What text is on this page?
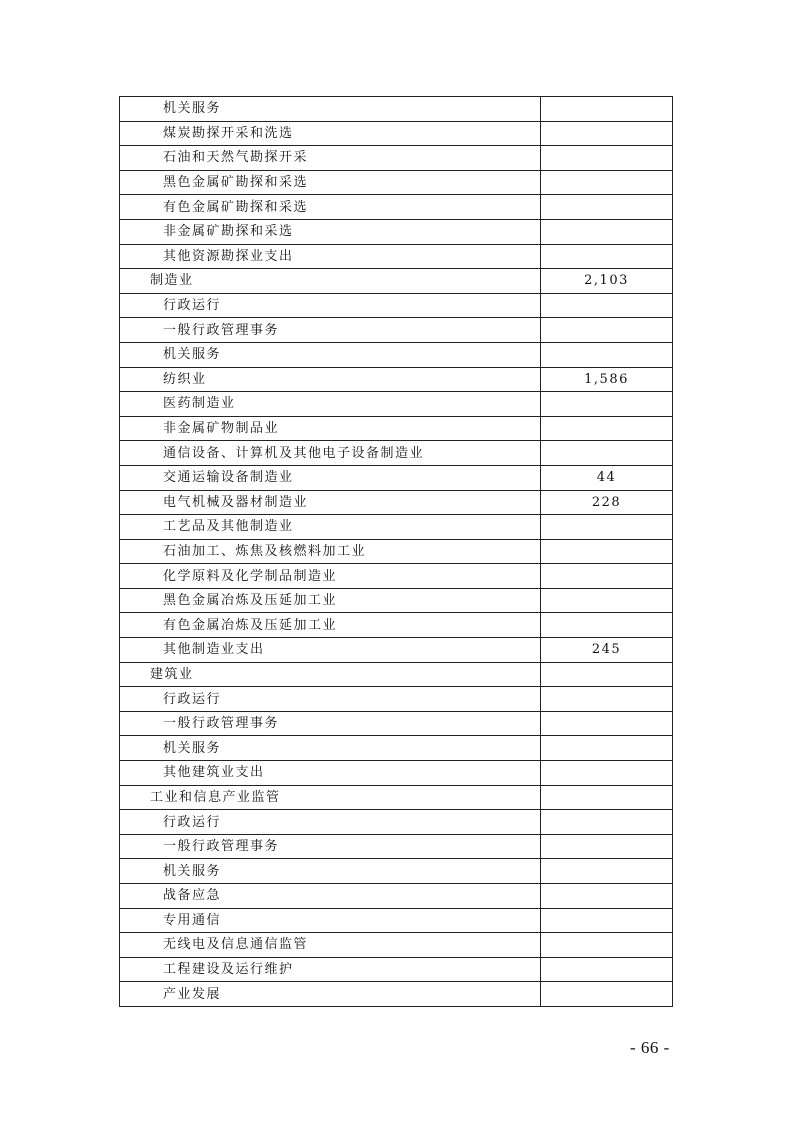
机关服务	
煤炭勘探开采和洗选	
石油和天然气勘探开采	
黑色金属矿勘探和采选	
有色金属矿勘探和采选	
非金属矿勘探和采选	
其他资源勘探业支出	
制造业	2,103
行政运行	
一般行政管理事务	
机关服务	
纺织业	1,586
医药制造业	
非金属矿物制品业	
通信设备、计算机及其他电子设备制造业	
交通运输设备制造业	44
电气机械及器材制造业	228
工艺品及其他制造业	
石油加工、炼焦及核燃料加工业	
化学原料及化学制品制造业	
黑色金属冶炼及压延加工业	
有色金属冶炼及压延加工业	
其他制造业支出	245
建筑业	
行政运行	
一般行政管理事务	
机关服务	
其他建筑业支出	
工业和信息产业监管	
行政运行	
一般行政管理事务	
机关服务	
战备应急	
专用通信	
无线电及信息通信监管	
工程建设及运行维护	
产业发展	
- 66 -
